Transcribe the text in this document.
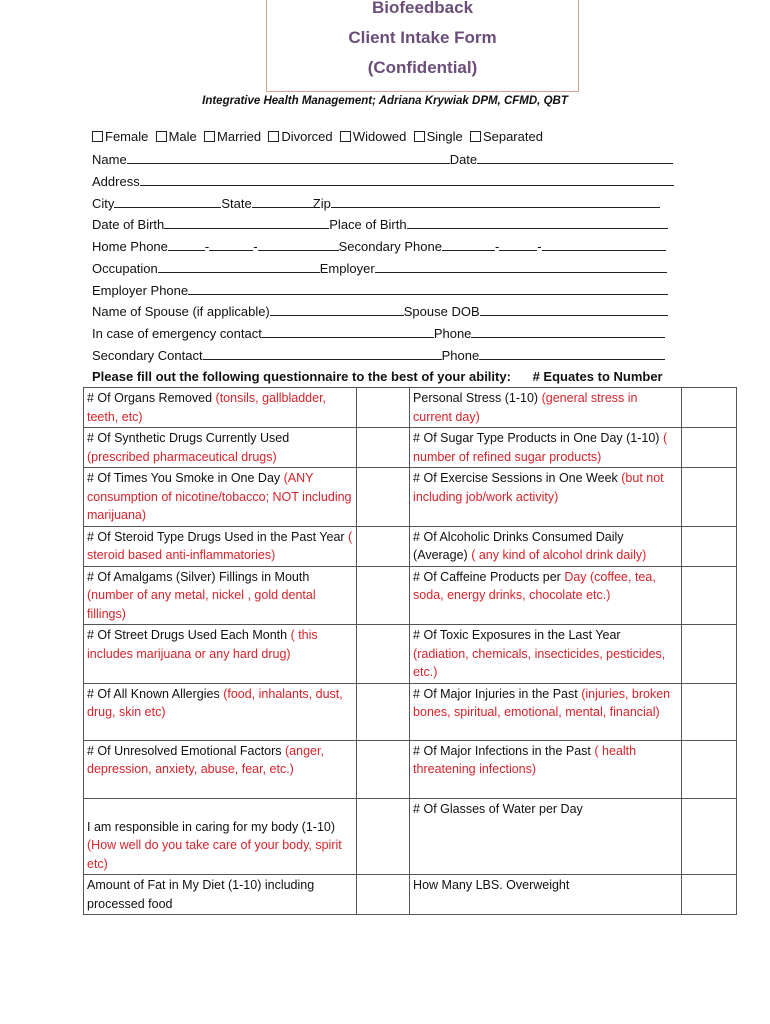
Biofeedback
Client Intake Form
(Confidential)
Integrative Health Management; Adriana Krywiak DPM, CFMD, QBT
Female Male Married Divorced Widowed Single Separated
Name	Date
Address
City	State	Zip
Date of Birth	Place of Birth
Home Phone	-	-	Secondary Phone	-	-
Occupation	Employer
Employer Phone
Name of Spouse (if applicable)	Spouse DOB
In case of emergency contact	Phone
Secondary Contact	Phone
Please fill out the following questionnaire to the best of your ability: # Equates to Number
# Of Organs Removed (tonsils, gallbladder, teeth, etc)		Personal Stress (1-10) (general stress in current day)	
# Of Synthetic Drugs Currently Used (prescribed pharmaceutical drugs)		# Of Sugar Type Products in One Day (1-10) ( number of refined sugar products)	
# Of Times You Smoke in One Day (ANY consumption of nicotine/tobacco; NOT including marijuana)		# Of Exercise Sessions in One Week (but not including job/work activity)	
# Of Steroid Type Drugs Used in the Past Year ( steroid based anti-inflammatories)		# Of Alcoholic Drinks Consumed Daily (Average) ( any kind of alcohol drink daily)	
# Of Amalgams (Silver) Fillings in Mouth (number of any metal, nickel , gold dental fillings)		# Of Caffeine Products per Day (coffee, tea, soda, energy drinks, chocolate etc.)	
# Of Street Drugs Used Each Month ( this includes marijuana or any hard drug)		# Of Toxic Exposures in the Last Year (radiation, chemicals, insecticides, pesticides, etc.)	
# Of All Known Allergies (food, inhalants, dust, drug, skin etc)		# Of Major Injuries in the Past (injuries, broken bones, spiritual, emotional, mental, financial)	
# Of Unresolved Emotional Factors (anger, depression, anxiety, abuse, fear, etc.)		# Of Major Infections in the Past ( health threatening infections)	
I am responsible in caring for my body (1-10) (How well do you take care of your body, spirit etc)		# Of Glasses of Water per Day	
Amount of Fat in My Diet (1-10) including processed food		How Many LBS. Overweight	
